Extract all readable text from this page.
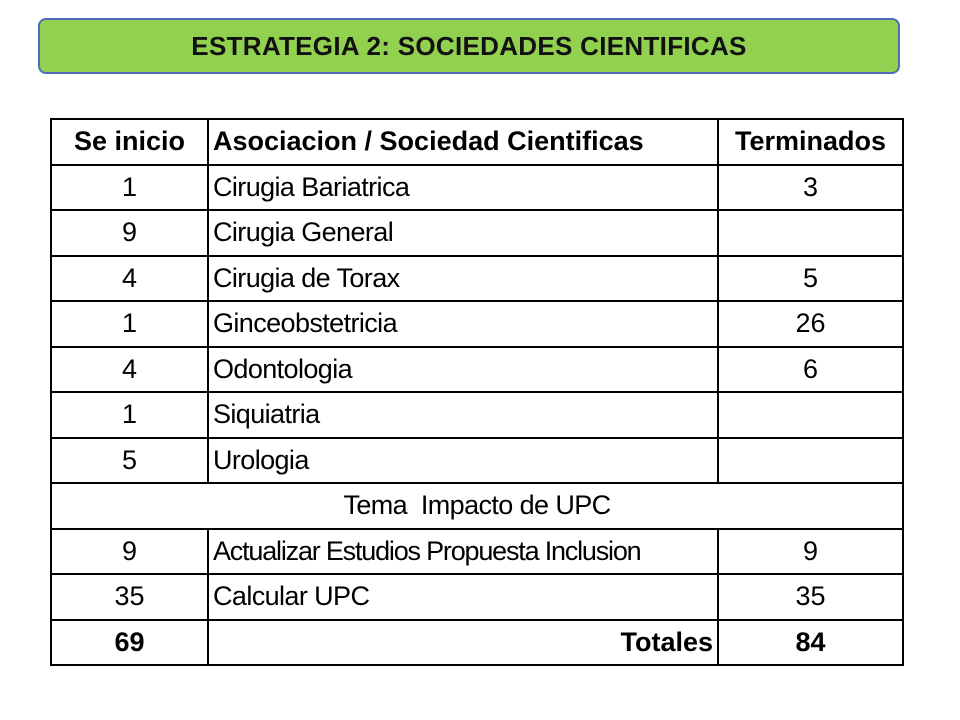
ESTRATEGIA 2: SOCIEDADES CIENTIFICAS
Se inicio	Asociacion / Sociedad Cientificas	Terminados
1	Cirugia Bariatrica	3
9	Cirugia General	
4	Cirugia de Torax	5
1	Ginceobstetricia	26
4	Odontologia	6
1	Siquiatria	
5	Urologia	
Tema  Impacto de UPC		
9	Actualizar Estudios Propuesta Inclusion	9
35	Calcular UPC	35
69	Totales	84
